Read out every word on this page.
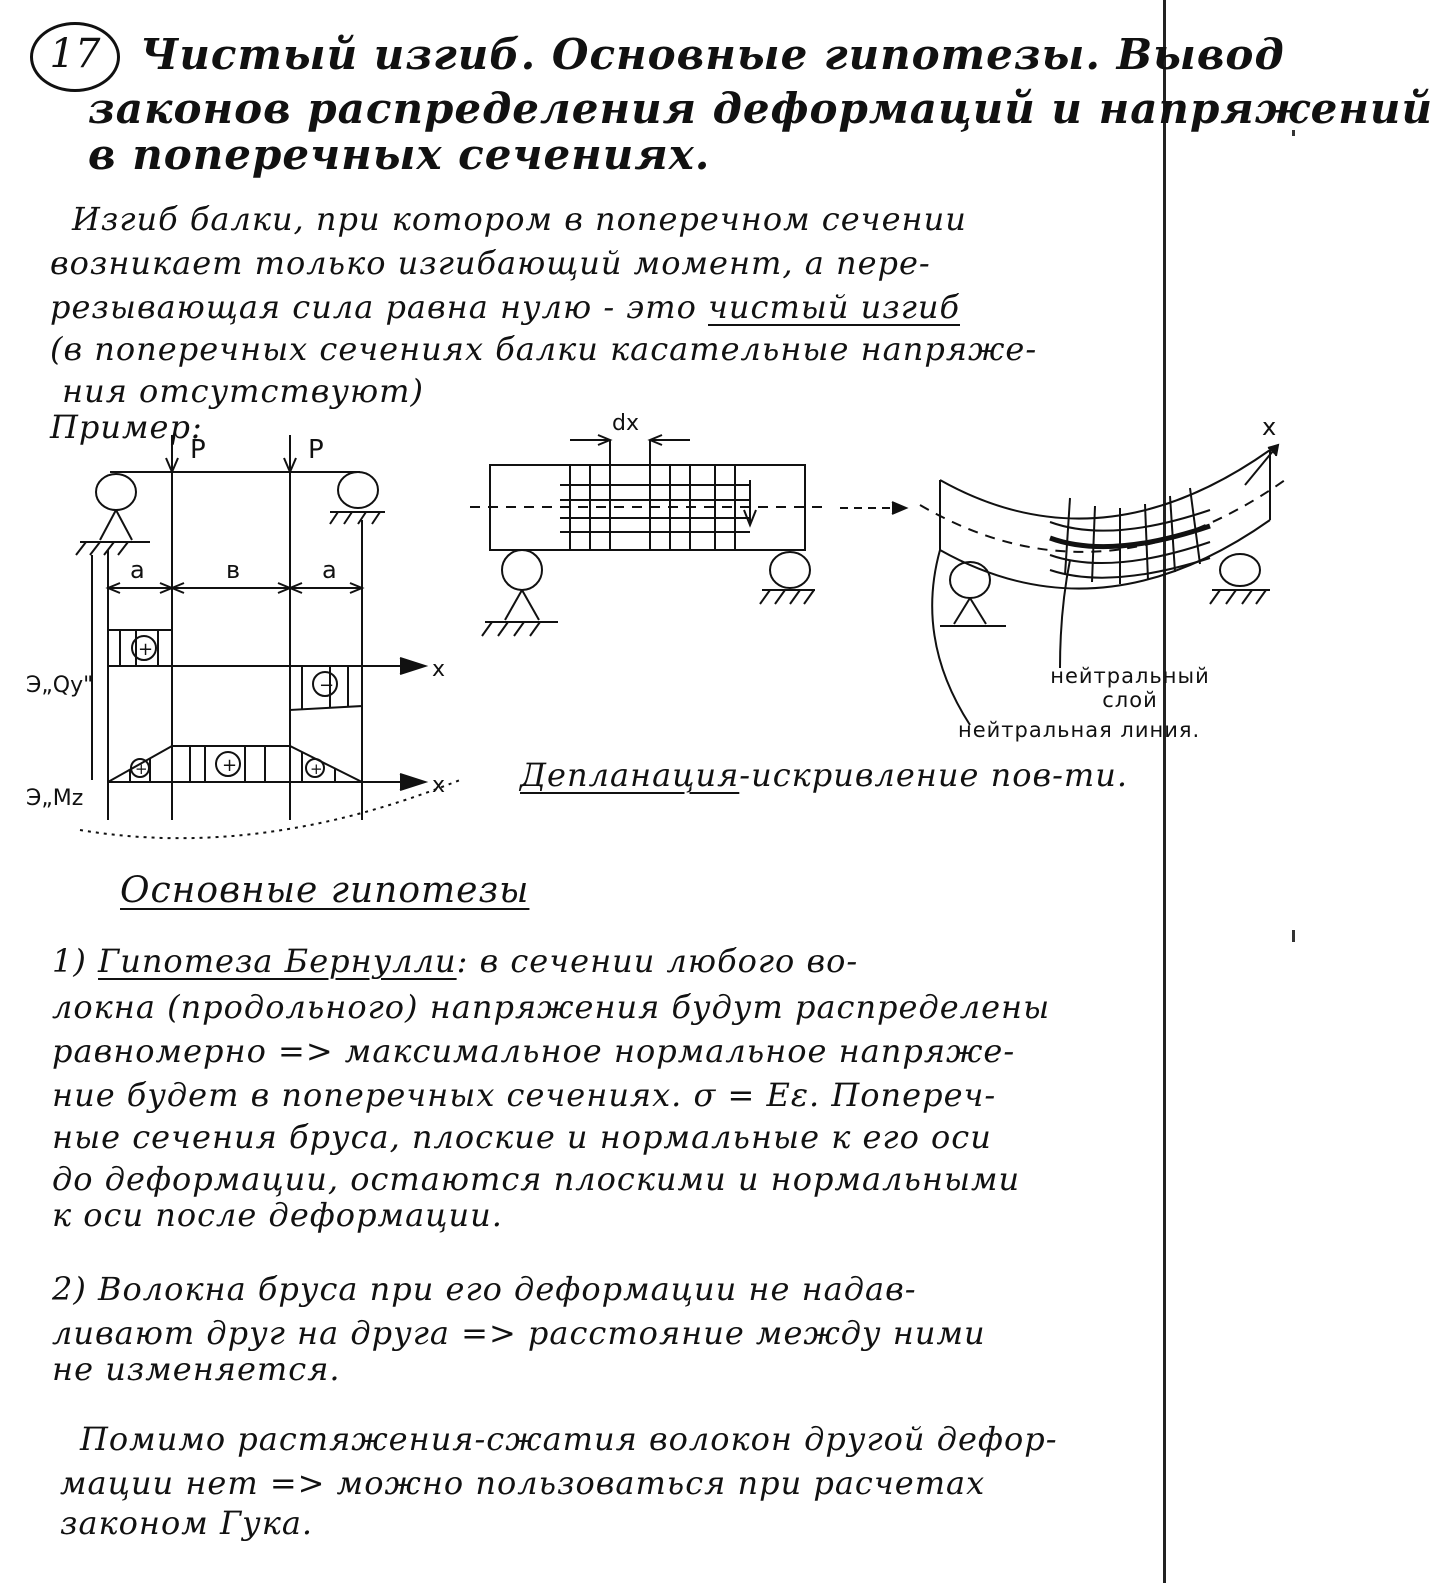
17 Чистый изгиб. Основные гипотезы. Вывод
законов распределения деформаций и напряжений
в поперечных сечениях.
Изгиб балки, при котором в поперечном сечении
возникает только изгибающий момент, а пере-
резывающая сила равна нулю - это чистый изгиб
(в поперечных сечениях балки касательные напряже-
ния отсутствуют)
Пример:
P	P
a	в	a
+
−
+	+	+
x
x
Э„Qy"
Э„Mz
dx	x
нейтральный слой
нейтральная линия.
Депланация-искривление пов-ти.
Основные гипотезы
1) Гипотеза Бернулли: в сечении любого во-
локна (продольного) напряжения будут распределены
равномерно => максимальное нормальное напряже-
ние будет в поперечных сечениях. σ = Eε. Попереч-
ные сечения бруса, плоские и нормальные к его оси
до деформации, остаются плоскими и нормальными
к оси после деформации.
2) Волокна бруса при его деформации не надав-
ливают друг на друга => расстояние между ними
не изменяется.
Помимо растяжения-сжатия волокон другой дефор-
мации нет => можно пользоваться при расчетах
законом Гука.
